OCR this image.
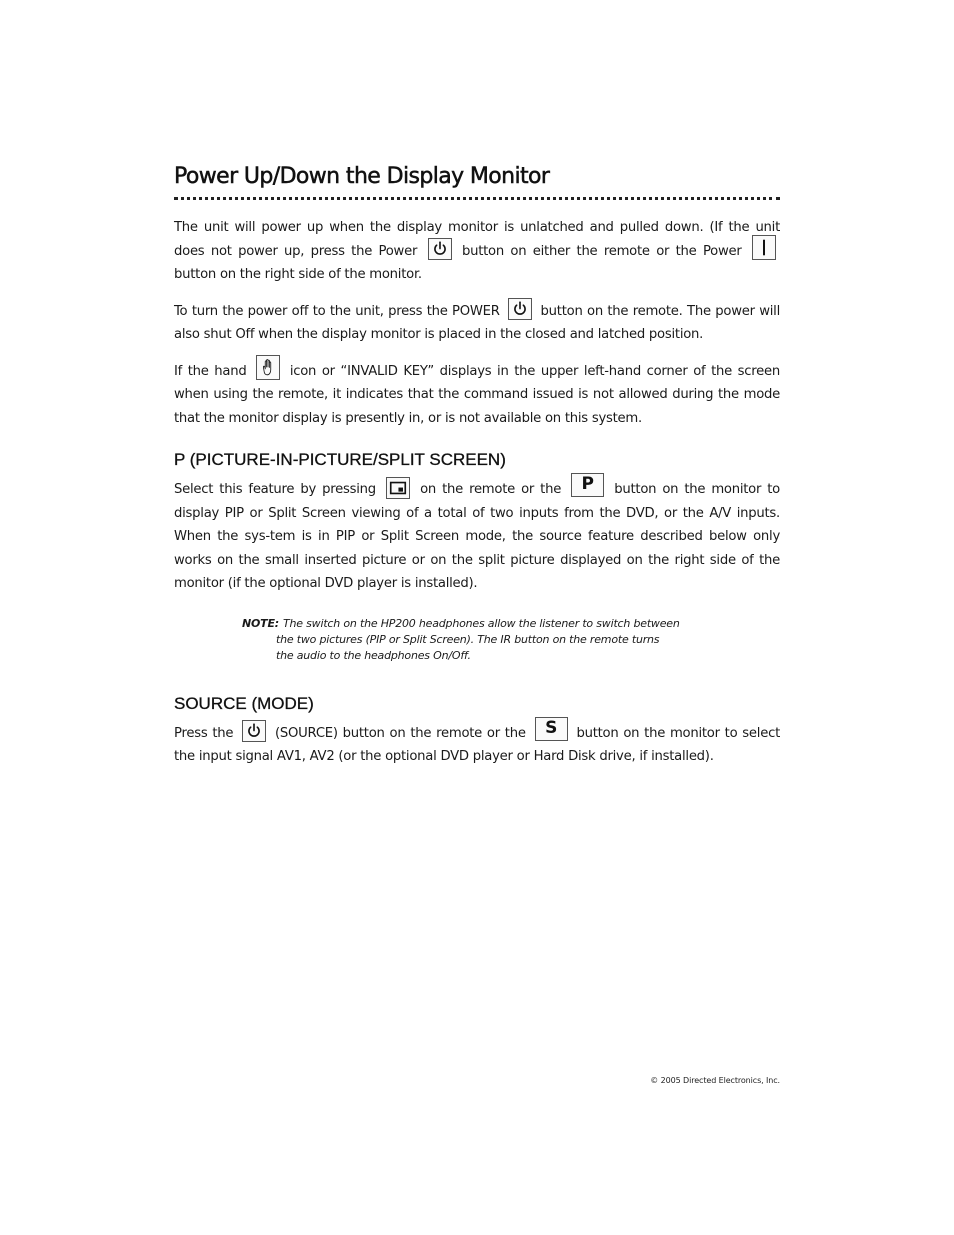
Power Up/Down the Display Monitor

The unit will power up when the display monitor is unlatched and pulled down. (If the unit does not power up, press the Power
button on either the remote or the Power
button on the right side of the monitor.

To turn the power off to the unit, press the POWER
button on the remote. The power will also shut Off when the display monitor is placed in the closed and latched position.

If the hand
icon or “INVALID KEY” displays in the upper left-hand corner of the screen when using the remote, it indicates that the command issued is not allowed during the mode that the monitor display is presently in, or is not available on this system.

P (PICTURE-IN-PICTURE/SPLIT SCREEN)

Select this feature by pressing
on the remote or the P button on the monitor to display PIP or Split Screen viewing of a total of two inputs from the DVD, or the A/V inputs. When the sys-tem is in PIP or Split Screen mode, the source feature described below only works on the small inserted picture or on the split picture displayed on the right side of the monitor (if the optional DVD player is installed).

NOTE: The switch on the HP200 headphones allow the listener to switch between the two pictures (PIP or Split Screen). The IR button on the remote turns the audio to the headphones On/Off.
SOURCE (MODE)

Press the
(SOURCE) button on the remote or the S button on the monitor to select the input signal AV1, AV2 (or the optional DVD player or Hard Disk drive, if installed).

© 2005 Directed Electronics, Inc.
